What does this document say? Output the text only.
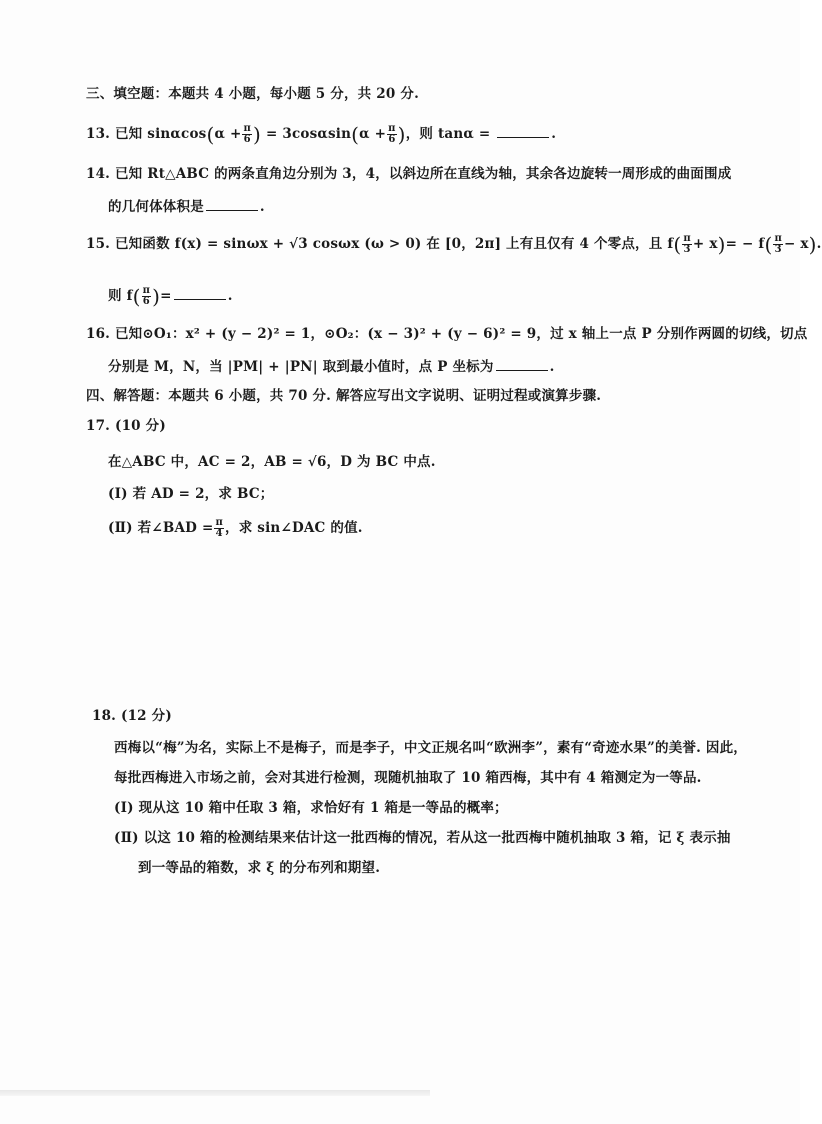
三、填空题：本题共 4 小题，每小题 5 分，共 20 分.
13. 已知 $\sin\alpha\cos(\alpha + \frac{\pi}{6}$ ) = $3\cos\alpha\sin(\alpha + \frac{\pi}{6}$ )，则 tanα =	.
14. 已知 Rt△ABC 的两条直角边分别为 3，4，以斜边所在直线为轴，其余各边旋转一周形成的曲面围成
的几何体体积是	.
15. 已知函数 f(x) = sinωx + √3 cosωx (ω > 0) 在 [0，2π] 上有且仅有 4 个零点，且 $f( \frac{\pi}{3} + x)= - f( \frac{\pi}{3} - x)$.
则 $f( \frac{\pi}{6}$ )=	.
16. 已知⊙O₁：x² + (y − 2)² = 1，⊙O₂：(x − 3)² + (y − 6)² = 9，过 x 轴上一点 P 分别作两圆的切线，切点
分别是 M，N，当 |PM| + |PN| 取到最小值时，点 P 坐标为	.
四、解答题：本题共 6 小题，共 70 分. 解答应写出文字说明、证明过程或演算步骤.
17. (10 分)
在△ABC 中，AC = 2，AB = √6，D 为 BC 中点.
(Ⅰ) 若 AD = 2，求 BC；
(Ⅱ) 若∠BAD = $\frac{\pi}{4}$ ，求 sin∠DAC 的值.
18. (12 分)
西梅以“梅”为名，实际上不是梅子，而是李子，中文正规名叫“欧洲李”，素有“奇迹水果”的美誉. 因此，
每批西梅进入市场之前，会对其进行检测，现随机抽取了 10 箱西梅，其中有 4 箱测定为一等品.
(Ⅰ) 现从这 10 箱中任取 3 箱，求恰好有 1 箱是一等品的概率；
(Ⅱ) 以这 10 箱的检测结果来估计这一批西梅的情况，若从这一批西梅中随机抽取 3 箱，记 ξ 表示抽
到一等品的箱数，求 ξ 的分布列和期望.
